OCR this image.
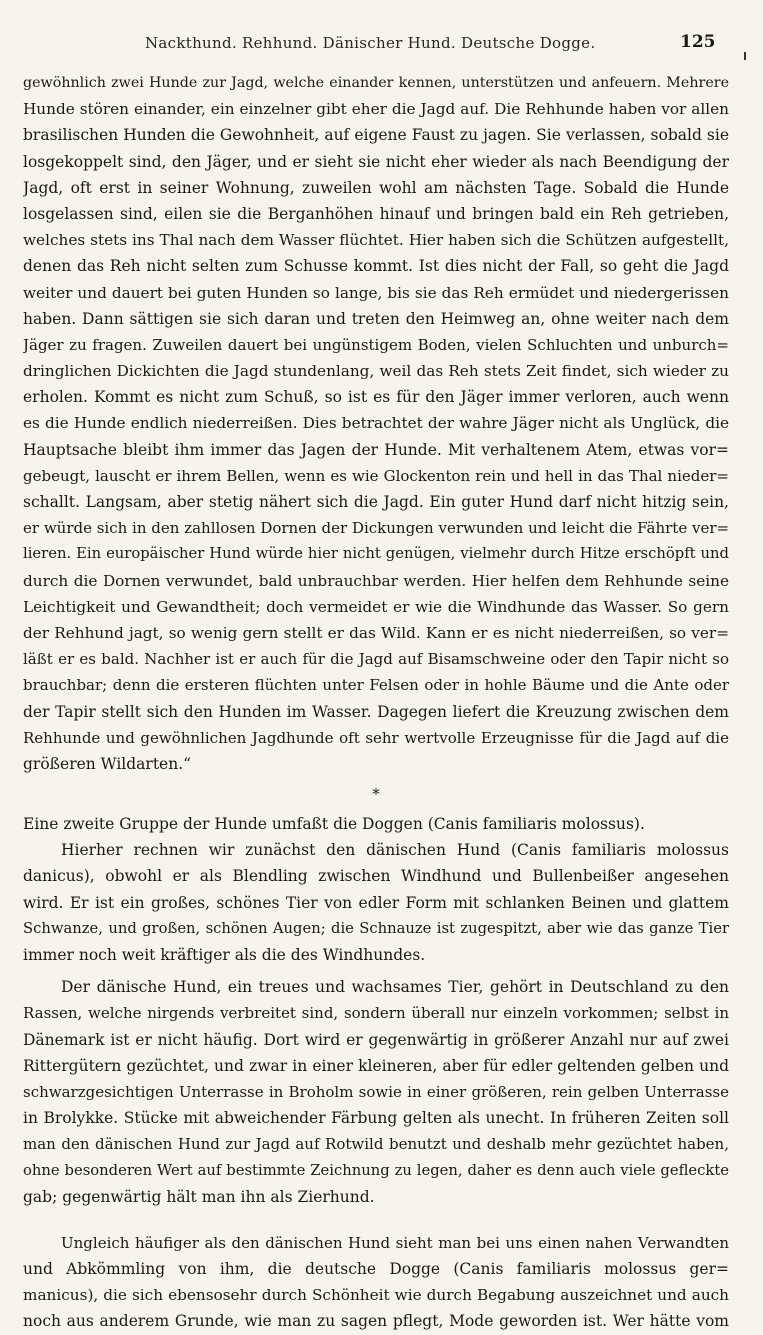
Nackthund. Rehhund. Dänischer Hund. Deutsche Dogge.	125
gewöhnlich zwei Hunde zur Jagd, welche einander kennen, unterstützen und anfeuern. Mehrere
Hunde stören einander, ein einzelner gibt eher die Jagd auf. Die Rehhunde haben vor allen
brasilischen Hunden die Gewohnheit, auf eigene Faust zu jagen. Sie verlassen, sobald sie
losgekoppelt sind, den Jäger, und er sieht sie nicht eher wieder als nach Beendigung der
Jagd, oft erst in seiner Wohnung, zuweilen wohl am nächsten Tage. Sobald die Hunde
losgelassen sind, eilen sie die Berganhöhen hinauf und bringen bald ein Reh getrieben,
welches stets ins Thal nach dem Wasser flüchtet. Hier haben sich die Schützen aufgestellt,
denen das Reh nicht selten zum Schusse kommt. Ist dies nicht der Fall, so geht die Jagd
weiter und dauert bei guten Hunden so lange, bis sie das Reh ermüdet und niedergerissen
haben. Dann sättigen sie sich daran und treten den Heimweg an, ohne weiter nach dem
Jäger zu fragen. Zuweilen dauert bei ungünstigem Boden, vielen Schluchten und unburch=
dringlichen Dickichten die Jagd stundenlang, weil das Reh stets Zeit findet, sich wieder zu
erholen. Kommt es nicht zum Schuß, so ist es für den Jäger immer verloren, auch wenn
es die Hunde endlich niederreißen. Dies betrachtet der wahre Jäger nicht als Unglück, die
Hauptsache bleibt ihm immer das Jagen der Hunde. Mit verhaltenem Atem, etwas vor=
gebeugt, lauscht er ihrem Bellen, wenn es wie Glockenton rein und hell in das Thal nieder=
schallt. Langsam, aber stetig nähert sich die Jagd. Ein guter Hund darf nicht hitzig sein,
er würde sich in den zahllosen Dornen der Dickungen verwunden und leicht die Fährte ver=
lieren. Ein europäischer Hund würde hier nicht genügen, vielmehr durch Hitze erschöpft und
durch die Dornen verwundet, bald unbrauchbar werden. Hier helfen dem Rehhunde seine
Leichtigkeit und Gewandtheit; doch vermeidet er wie die Windhunde das Wasser. So gern
der Rehhund jagt, so wenig gern stellt er das Wild. Kann er es nicht niederreißen, so ver=
läßt er es bald. Nachher ist er auch für die Jagd auf Bisamschweine oder den Tapir nicht so
brauchbar; denn die ersteren flüchten unter Felsen oder in hohle Bäume und die Ante oder
der Tapir stellt sich den Hunden im Wasser. Dagegen liefert die Kreuzung zwischen dem
Rehhunde und gewöhnlichen Jagdhunde oft sehr wertvolle Erzeugnisse für die Jagd auf die
größeren Wildarten.“
*
Eine zweite Gruppe der Hunde umfaßt die Doggen (Canis familiaris molossus).
Hierher rechnen wir zunächst den dänischen Hund (Canis familiaris molossus
danicus), obwohl er als Blendling zwischen Windhund und Bullenbeißer angesehen
wird. Er ist ein großes, schönes Tier von edler Form mit schlanken Beinen und glattem
Schwanze, und großen, schönen Augen; die Schnauze ist zugespitzt, aber wie das ganze Tier
immer noch weit kräftiger als die des Windhundes.
Der dänische Hund, ein treues und wachsames Tier, gehört in Deutschland zu den
Rassen, welche nirgends verbreitet sind, sondern überall nur einzeln vorkommen; selbst in
Dänemark ist er nicht häufig. Dort wird er gegenwärtig in größerer Anzahl nur auf zwei
Rittergütern gezüchtet, und zwar in einer kleineren, aber für edler geltenden gelben und
schwarzgesichtigen Unterrasse in Broholm sowie in einer größeren, rein gelben Unterrasse
in Brolykke. Stücke mit abweichender Färbung gelten als unecht. In früheren Zeiten soll
man den dänischen Hund zur Jagd auf Rotwild benutzt und deshalb mehr gezüchtet haben,
ohne besonderen Wert auf bestimmte Zeichnung zu legen, daher es denn auch viele gefleckte
gab; gegenwärtig hält man ihn als Zierhund.
Ungleich häufiger als den dänischen Hund sieht man bei uns einen nahen Verwandten
und Abkömmling von ihm, die deutsche Dogge (Canis familiaris molossus ger=
manicus), die sich ebensosehr durch Schönheit wie durch Begabung auszeichnet und auch
noch aus anderem Grunde, wie man zu sagen pflegt, Mode geworden ist. Wer hätte vom
